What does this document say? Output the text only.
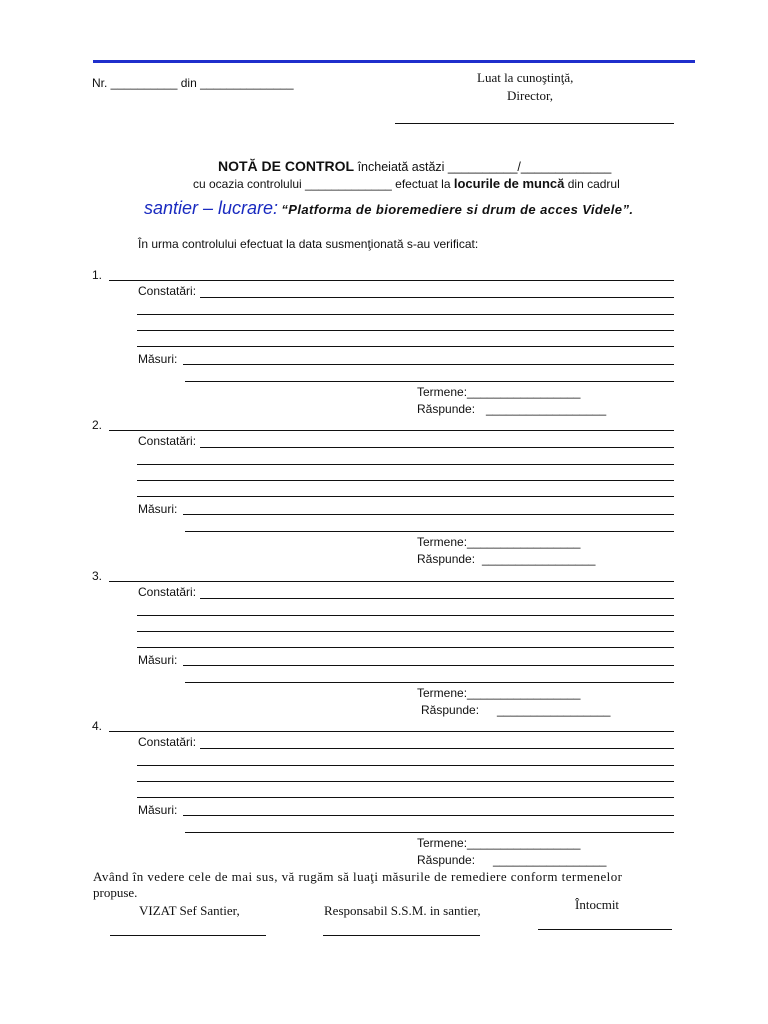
Nr. __________ din ______________	Luat la cunoştinţă,
Director,
NOTĂ DE CONTROL încheiată astăzi __________/_____________
cu ocazia controlului _____________ efectuat la locurile de muncă din cadrul
santier – lucrare: “Platforma de bioremediere si drum de acces Videle”.
În urma controlului efectuat la data susmenţionată s-au verificat:
1.
Constatări:
Măsuri:
Termene:_________________
Răspunde: __________________
2.
Constatări:
Măsuri:
Termene:_________________
Răspunde: _________________
3.
Constatări:
Măsuri:
Termene:_________________
Răspunde: _________________
4.
Constatări:
Măsuri:
Termene:_________________
Răspunde: _________________
Având în vedere cele de mai sus, vă rugăm să luaţi măsurile de remediere conform termenelor
propuse.
VIZAT Sef Santier,	Responsabil S.S.M. in santier,	Întocmit
